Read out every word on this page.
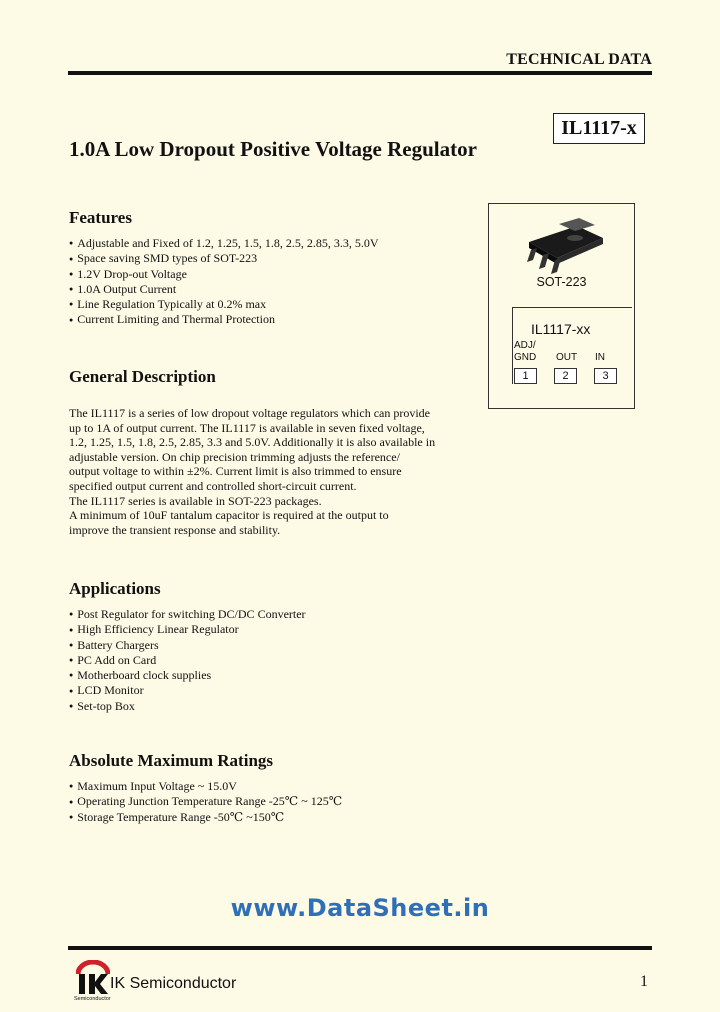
TECHNICAL DATA
IL1117-x
1.0A Low Dropout Positive Voltage Regulator
Features
● Adjustable and Fixed of 1.2, 1.25, 1.5, 1.8, 2.5, 2.85, 3.3, 5.0V
● Space saving SMD types of SOT-223
● 1.2V Drop-out Voltage
● 1.0A Output Current
● Line Regulation Typically at 0.2% max
● Current Limiting and Thermal Protection
SOT-223
IL1117-xx
ADJ/
GND OUT IN
1	2	3
General Description

The IL1117 is a series of low dropout voltage regulators which can provide

up to 1A of output current. The IL1117 is available in seven fixed voltage,

1.2, 1.25, 1.5, 1.8, 2.5, 2.85, 3.3 and 5.0V. Additionally it is also available in

adjustable version. On chip precision trimming adjusts the reference/

output voltage to within ±2%. Current limit is also trimmed to ensure

specified output current and controlled short-circuit current.

The IL1117 series is available in SOT-223 packages.

A minimum of 10uF tantalum capacitor is required at the output to

improve the transient response and stability.

Applications
● Post Regulator for switching DC/DC Converter
● High Efficiency Linear Regulator
● Battery Chargers
● PC Add on Card
● Motherboard clock supplies
● LCD Monitor
● Set-top Box
Absolute Maximum Ratings
● Maximum Input Voltage ~ 15.0V
● Operating Junction Temperature Range -25℃ ~ 125℃
● Storage Temperature Range -50℃ ~150℃
www.DataSheet.in
Semiconductor
IK Semiconductor	1
